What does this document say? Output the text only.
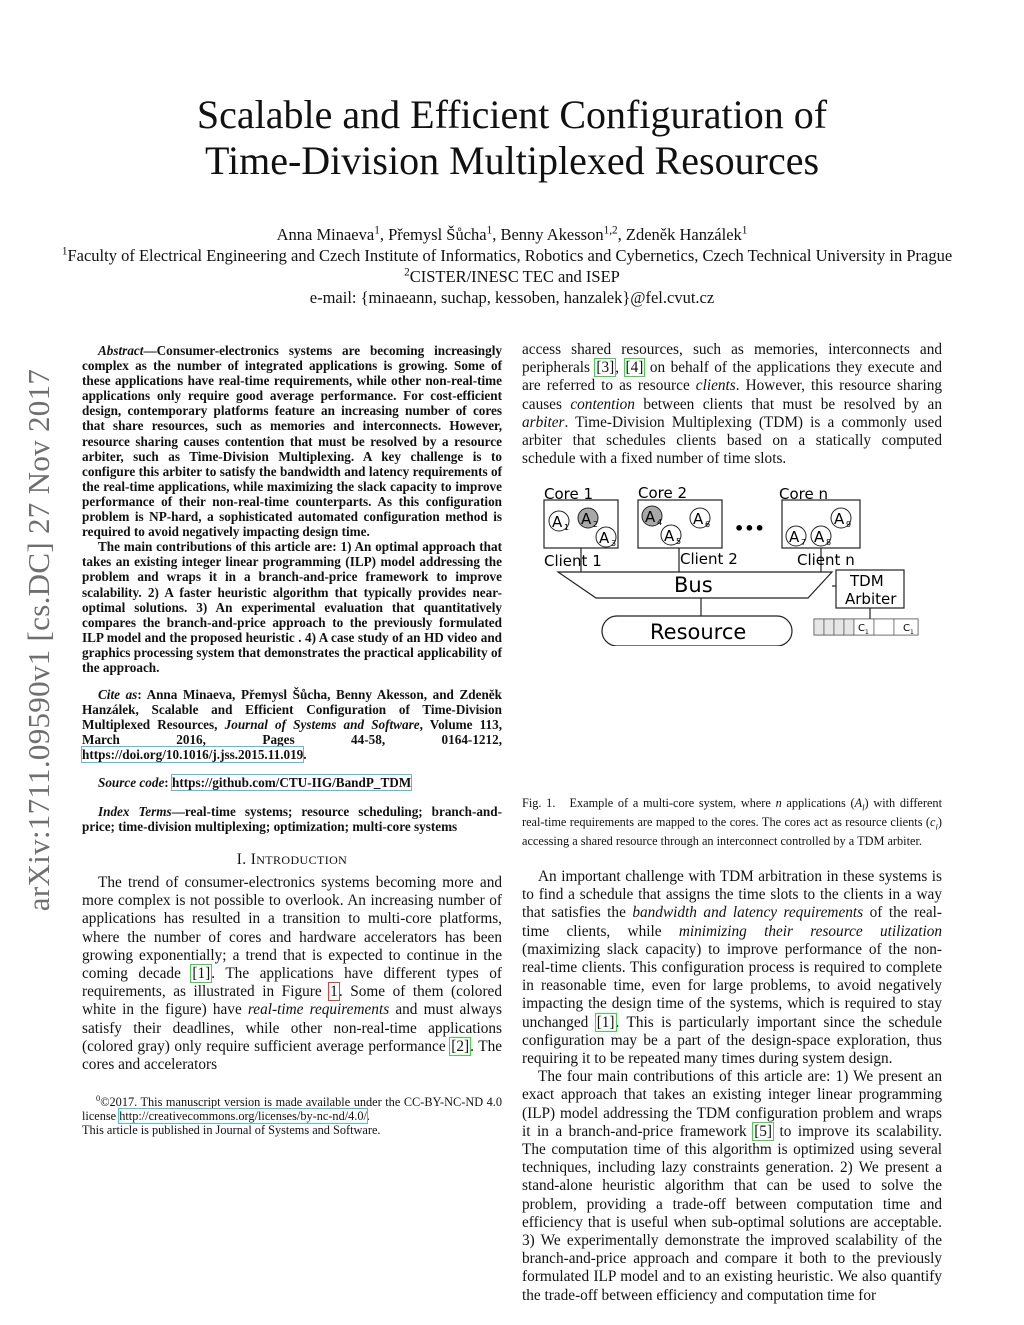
arXiv:1711.09590v1 [cs.DC] 27 Nov 2017
Scalable and Efficient Configuration of
Time-Division Multiplexed Resources
Anna Minaeva$^1$, Přemysl Šůcha$^1$, Benny Akesson$^{1,2}$, Zdeněk Hanzálek$^1$
$^1$Faculty of Electrical Engineering and Czech Institute of Informatics, Robotics and Cybernetics, Czech Technical University in Prague
$^2$CISTER/INESC TEC and ISEP
e-mail: {minaeann, suchap, kessoben, hanzalek}@fel.cvut.cz

Abstract—Consumer-electronics systems are becoming increasingly complex as the number of integrated applications is growing. Some of these applications have real-time requirements, while other non-real-time applications only require good average performance. For cost-efficient design, contemporary platforms feature an increasing number of cores that share resources, such as memories and interconnects. However, resource sharing causes contention that must be resolved by a resource arbiter, such as Time-Division Multiplexing. A key challenge is to configure this arbiter to satisfy the bandwidth and latency requirements of the real-time applications, while maximizing the slack capacity to improve performance of their non-real-time counterparts. As this configuration problem is NP-hard, a sophisticated automated configuration method is required to avoid negatively impacting design time.

The main contributions of this article are: 1) An optimal approach that takes an existing integer linear programming (ILP) model addressing the problem and wraps it in a branch-and-price framework to improve scalability. 2) A faster heuristic algorithm that typically provides near-optimal solutions. 3) An experimental evaluation that quantitatively compares the branch-and-price approach to the previously formulated ILP model and the proposed heuristic . 4) A case study of an HD video and graphics processing system that demonstrates the practical applicability of the approach.

Cite as: Anna Minaeva, Přemysl Šůcha, Benny Akesson, and Zdeněk Hanzálek, Scalable and Efficient Configuration of Time-Division Multiplexed Resources, Journal of Systems and Software, Volume 113, March 2016, Pages 44-58, 0164-1212, https://doi.org/10.1016/j.jss.2015.11.019.

Source code: https://github.com/CTU-IIG/BandP_TDM

Index Terms—real-time systems; resource scheduling; branch-and-price; time-division multiplexing; optimization; multi-core systems

I. INTRODUCTION

The trend of consumer-electronics systems becoming more and more complex is not possible to overlook. An increasing number of applications has resulted in a transition to multi-core platforms, where the number of cores and hardware accelerators has been growing exponentially; a trend that is expected to continue in the coming decade [1]. The applications have different types of requirements, as illustrated in Figure 1. Some of them (colored white in the figure) have real-time requirements and must always satisfy their deadlines, while other non-real-time applications (colored gray) only require sufficient average performance [2]. The cores and accelerators

$^0$©2017. This manuscript version is made available under the CC-BY-NC-ND 4.0 license http://creativecommons.org/licenses/by-nc-nd/4.0/.

This article is published in Journal of Systems and Software.

access shared resources, such as memories, interconnects and peripherals [3], [4] on behalf of the applications they execute and are referred to as resource clients. However, this resource sharing causes contention between clients that must be resolved by an arbiter. Time-Division Multiplexing (TDM) is a commonly used arbiter that schedules clients based on a statically computed schedule with a fixed number of time slots.

Fig. 1. Example of a multi-core system, where n applications $(A_l)$ with different real-time requirements are mapped to the cores. The cores act as resource clients $(c_i)$ accessing a shared resource through an interconnect controlled by a TDM arbiter.

An important challenge with TDM arbitration in these systems is to find a schedule that assigns the time slots to the clients in a way that satisfies the bandwidth and latency requirements of the real-time clients, while minimizing their resource utilization (maximizing slack capacity) to improve performance of the non-real-time clients. This configuration process is required to complete in reasonable time, even for large problems, to avoid negatively impacting the design time of the systems, which is required to stay unchanged [1]. This is particularly important since the schedule configuration may be a part of the design-space exploration, thus requiring it to be repeated many times during system design.

The four main contributions of this article are: 1) We present an exact approach that takes an existing integer linear programming (ILP) model addressing the TDM configuration problem and wraps it in a branch-and-price framework [5] to improve its scalability. The computation time of this algorithm is optimized using several techniques, including lazy constraints generation. 2) We present a stand-alone heuristic algorithm that can be used to solve the problem, providing a trade-off between computation time and efficiency that is useful when sub-optimal solutions are acceptable. 3) We experimentally demonstrate the improved scalability of the branch-and-price approach and compare it both to the previously formulated ILP model and to an existing heuristic. We also quantify the trade-off between efficiency and computation time for

Core 1	Core 2	Core n
•••
A 1 A 2
A 3
A 4
A 5
A 6
A 7 A 8
A 9
Client 1	Client 2	Client n
Bus
Resource
TDM
Arbiter
C 1	C 1
